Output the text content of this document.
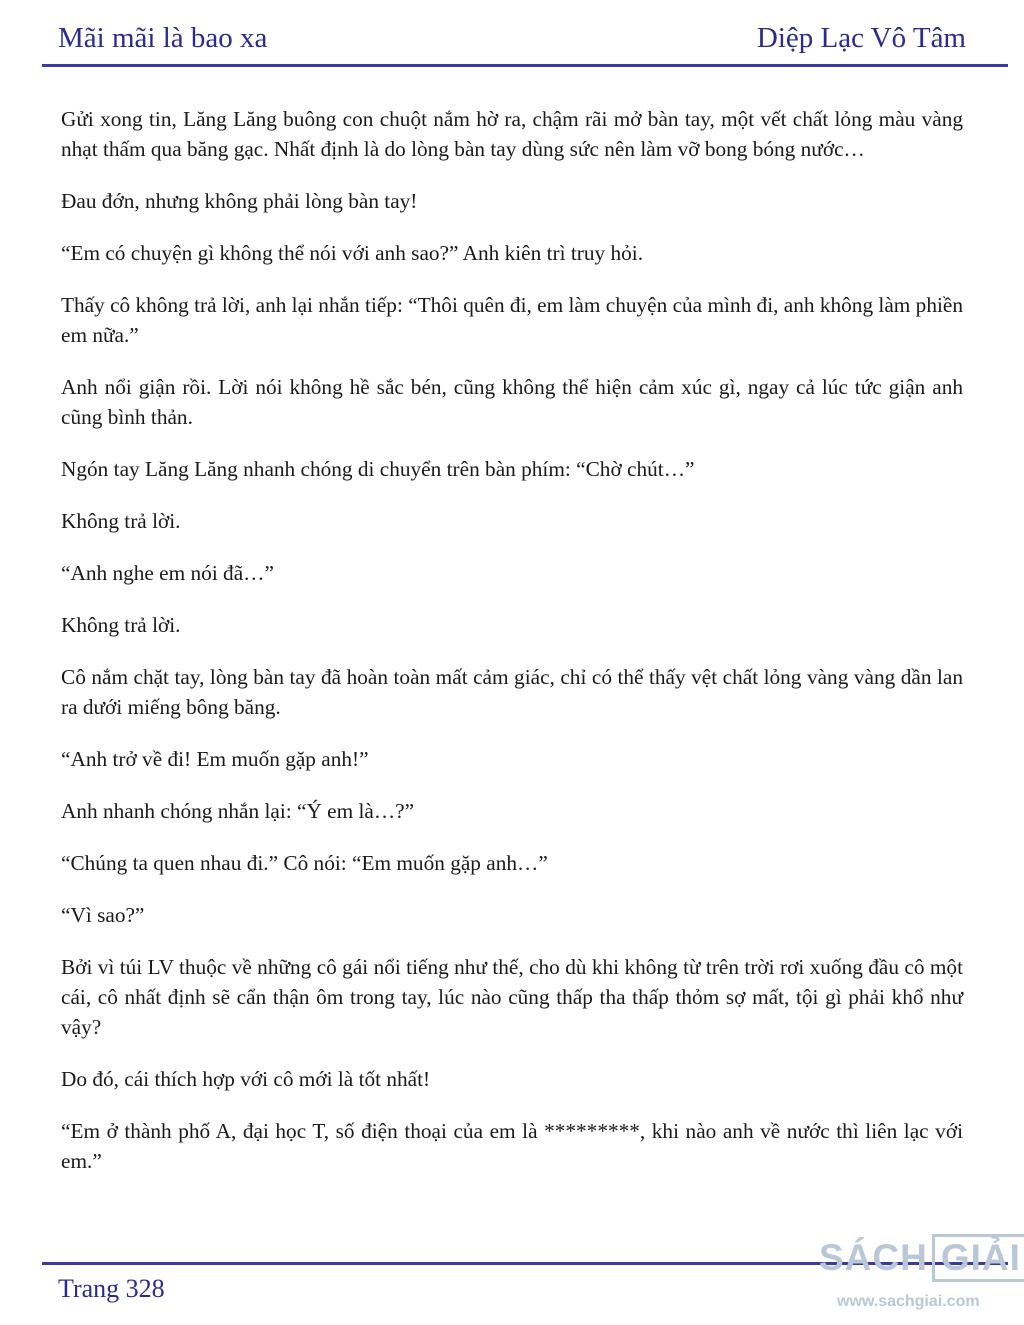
Mãi mãi là bao xa	Diệp Lạc Vô Tâm

Gửi xong tin, Lăng Lăng buông con chuột nắm hờ ra, chậm rãi mở bàn tay, một vết chất lỏng màu vàng nhạt thấm qua băng gạc. Nhất định là do lòng bàn tay dùng sức nên làm vỡ bong bóng nước…

Đau đớn, nhưng không phải lòng bàn tay!

“Em có chuyện gì không thể nói với anh sao?” Anh kiên trì truy hỏi.

Thấy cô không trả lời, anh lại nhắn tiếp: “Thôi quên đi, em làm chuyện của mình đi, anh không làm phiền em nữa.”

Anh nổi giận rồi. Lời nói không hề sắc bén, cũng không thể hiện cảm xúc gì, ngay cả lúc tức giận anh cũng bình thản.

Ngón tay Lăng Lăng nhanh chóng di chuyển trên bàn phím: “Chờ chút…”

Không trả lời.

“Anh nghe em nói đã…”

Không trả lời.

Cô nắm chặt tay, lòng bàn tay đã hoàn toàn mất cảm giác, chỉ có thể thấy vệt chất lỏng vàng vàng dần lan ra dưới miếng bông băng.

“Anh trở về đi! Em muốn gặp anh!”

Anh nhanh chóng nhắn lại: “Ý em là…?”

“Chúng ta quen nhau đi.” Cô nói: “Em muốn gặp anh…”

“Vì sao?”

Bởi vì túi LV thuộc về những cô gái nổi tiếng như thế, cho dù khi không từ trên trời rơi xuống đầu cô một cái, cô nhất định sẽ cẩn thận ôm trong tay, lúc nào cũng thấp tha thấp thỏm sợ mất, tội gì phải khổ như vậy?

Do đó, cái thích hợp với cô mới là tốt nhất!

“Em ở thành phố A, đại học T, số điện thoại của em là *********, khi nào anh về nước thì liên lạc với em.”

Trang 328
SÁCH GIẢI
www.sachgiai.com
